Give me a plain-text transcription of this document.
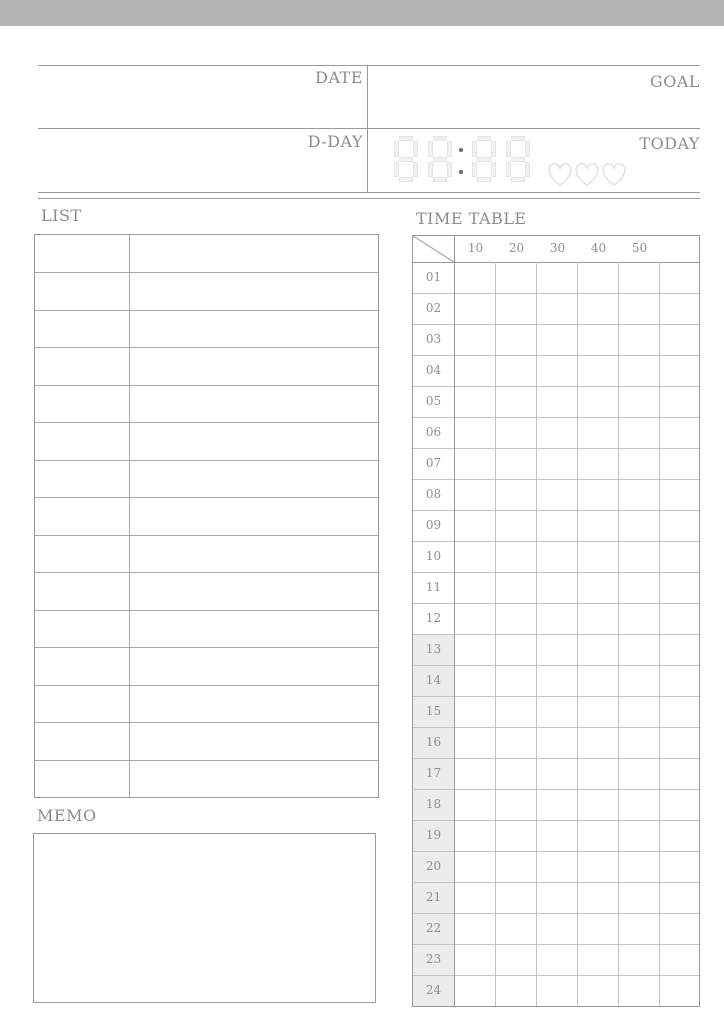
DATE	GOAL
D-DAY	TODAY
LIST
MEMO
TIME TABLE
10	20	30	40	50
01
02
03
04
05
06
07
08
09
10
11
12
13
14
15
16
17
18
19
20
21
22
23
24
